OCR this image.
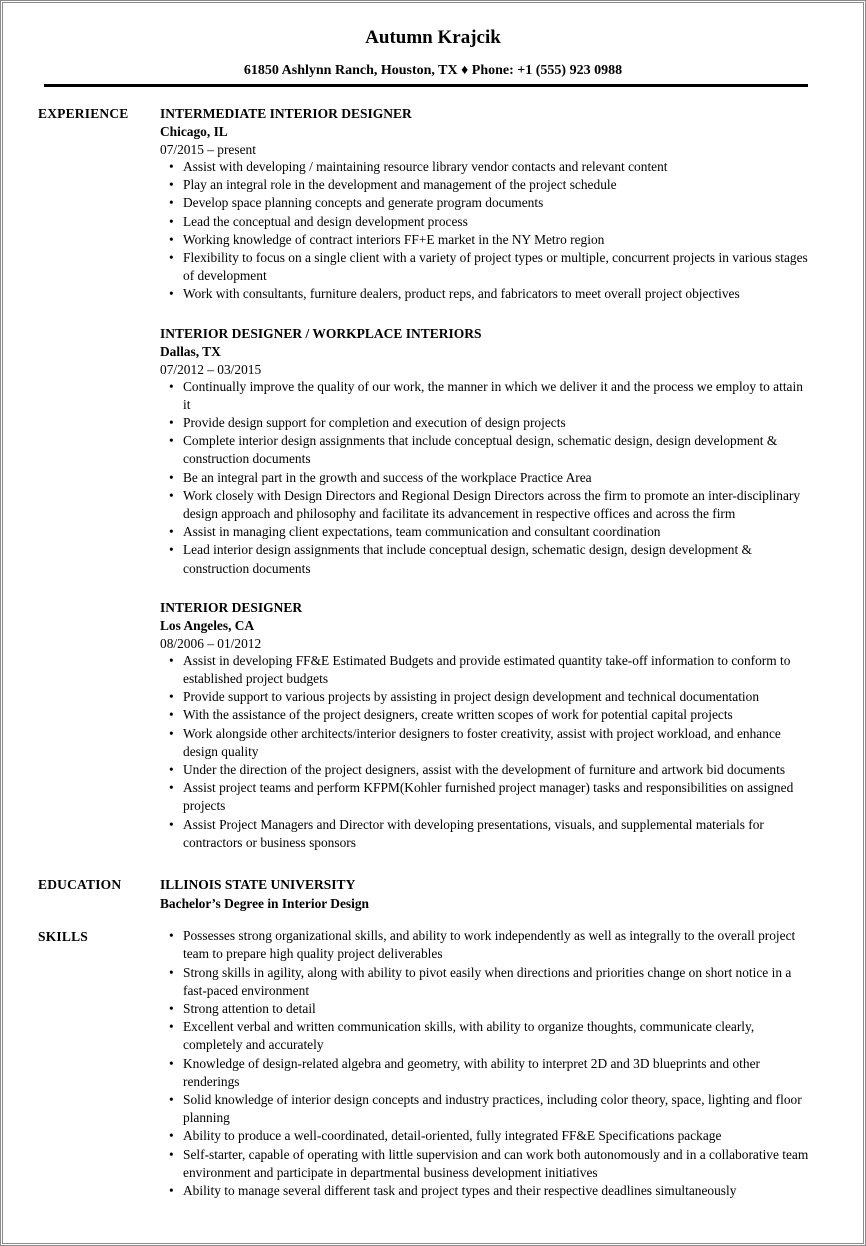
Autumn Krajcik
61850 Ashlynn Ranch, Houston, TX ♦ Phone: +1 (555) 923 0988
EXPERIENCE	INTERMEDIATE INTERIOR DESIGNER
Chicago, IL
07/2015 – present
• Assist with developing / maintaining resource library vendor contacts and relevant content
• Play an integral role in the development and management of the project schedule
• Develop space planning concepts and generate program documents
• Lead the conceptual and design development process
• Working knowledge of contract interiors FF+E market in the NY Metro region
• Flexibility to focus on a single client with a variety of project types or multiple, concurrent projects in various stages of development
• Work with consultants, furniture dealers, product reps, and fabricators to meet overall project objectives
INTERIOR DESIGNER / WORKPLACE INTERIORS
Dallas, TX
07/2012 – 03/2015
• Continually improve the quality of our work, the manner in which we deliver it and the process we employ to attain it
• Provide design support for completion and execution of design projects
• Complete interior design assignments that include conceptual design, schematic design, design development & construction documents
• Be an integral part in the growth and success of the workplace Practice Area
• Work closely with Design Directors and Regional Design Directors across the firm to promote an inter-disciplinary design approach and philosophy and facilitate its advancement in respective offices and across the firm
• Assist in managing client expectations, team communication and consultant coordination
• Lead interior design assignments that include conceptual design, schematic design, design development & construction documents
INTERIOR DESIGNER
Los Angeles, CA
08/2006 – 01/2012
• Assist in developing FF&E Estimated Budgets and provide estimated quantity take-off information to conform to established project budgets
• Provide support to various projects by assisting in project design development and technical documentation
• With the assistance of the project designers, create written scopes of work for potential capital projects
• Work alongside other architects/interior designers to foster creativity, assist with project workload, and enhance design quality
• Under the direction of the project designers, assist with the development of furniture and artwork bid documents
• Assist project teams and perform KFPM(Kohler furnished project manager) tasks and responsibilities on assigned projects
• Assist Project Managers and Director with developing presentations, visuals, and supplemental materials for contractors or business sponsors
EDUCATION	ILLINOIS STATE UNIVERSITY
Bachelor’s Degree in Interior Design
SKILLS	• Possesses strong organizational skills, and ability to work independently as well as integrally to the overall project team to prepare high quality project deliverables
• Strong skills in agility, along with ability to pivot easily when directions and priorities change on short notice in a fast-paced environment
• Strong attention to detail
• Excellent verbal and written communication skills, with ability to organize thoughts, communicate clearly, completely and accurately
• Knowledge of design-related algebra and geometry, with ability to interpret 2D and 3D blueprints and other renderings
• Solid knowledge of interior design concepts and industry practices, including color theory, space, lighting and floor planning
• Ability to produce a well-coordinated, detail-oriented, fully integrated FF&E Specifications package
• Self-starter, capable of operating with little supervision and can work both autonomously and in a collaborative team environment and participate in departmental business development initiatives
• Ability to manage several different task and project types and their respective deadlines simultaneously
